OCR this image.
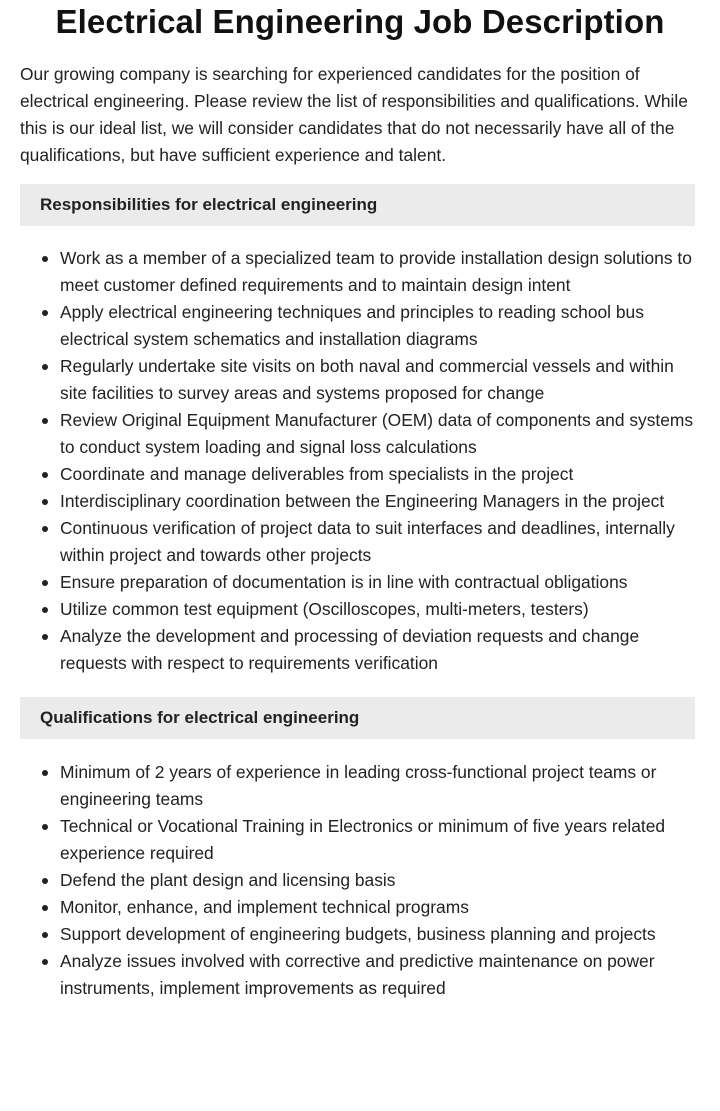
Electrical Engineering Job Description

Our growing company is searching for experienced candidates for the position of electrical engineering. Please review the list of responsibilities and qualifications. While this is our ideal list, we will consider candidates that do not necessarily have all of the qualifications, but have sufficient experience and talent.

Responsibilities for electrical engineering
Work as a member of a specialized team to provide installation design solutions to meet customer defined requirements and to maintain design intent
Apply electrical engineering techniques and principles to reading school bus electrical system schematics and installation diagrams
Regularly undertake site visits on both naval and commercial vessels and within site facilities to survey areas and systems proposed for change
Review Original Equipment Manufacturer (OEM) data of components and systems to conduct system loading and signal loss calculations
Coordinate and manage deliverables from specialists in the project
Interdisciplinary coordination between the Engineering Managers in the project
Continuous verification of project data to suit interfaces and deadlines, internally within project and towards other projects
Ensure preparation of documentation is in line with contractual obligations
Utilize common test equipment (Oscilloscopes, multi-meters, testers)
Analyze the development and processing of deviation requests and change requests with respect to requirements verification
Qualifications for electrical engineering
Minimum of 2 years of experience in leading cross-functional project teams or engineering teams
Technical or Vocational Training in Electronics or minimum of five years related experience required
Defend the plant design and licensing basis
Monitor, enhance, and implement technical programs
Support development of engineering budgets, business planning and projects
Analyze issues involved with corrective and predictive maintenance on power instruments, implement improvements as required
